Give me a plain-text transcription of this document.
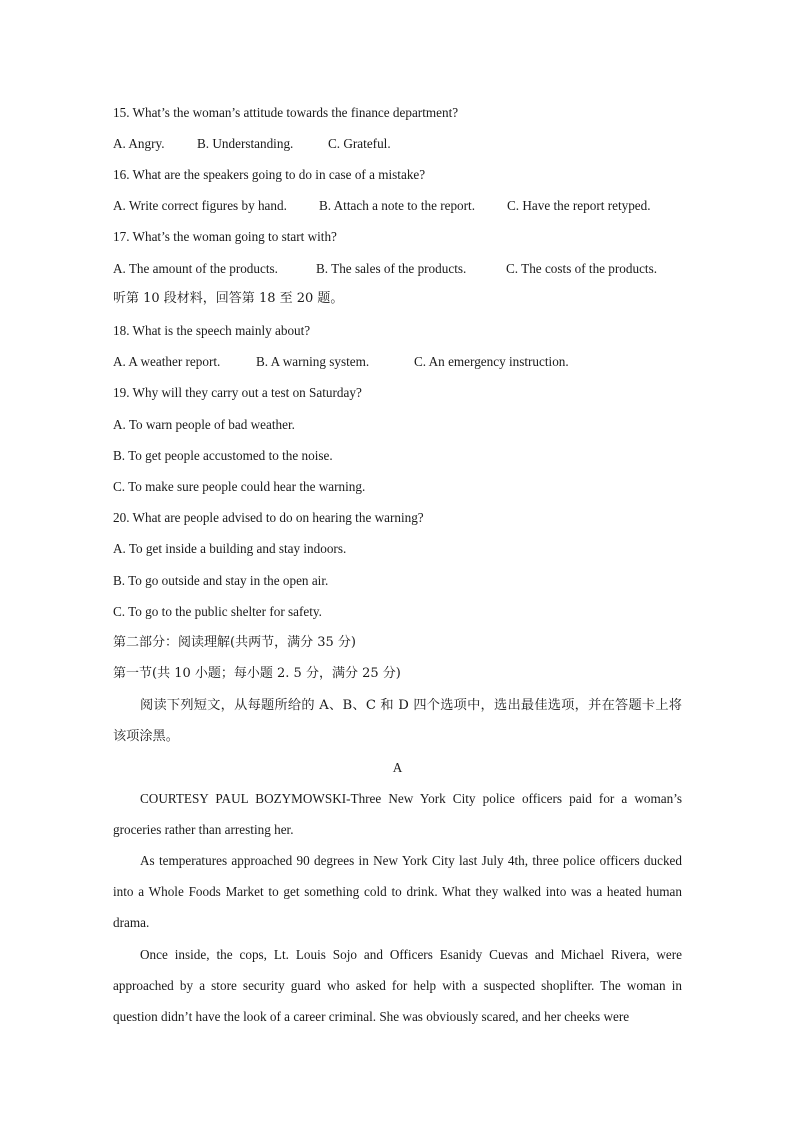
15. What’s the woman’s attitude towards the finance department?
A. Angry. B. Understanding.	C. Grateful.
16. What are the speakers going to do in case of a mistake?
A. Write correct figures by hand. B. Attach a note to the report. C. Have the report retyped.
17. What’s the woman going to start with?
A. The amount of the products.	B. The sales of the products.	C. The costs of the products.
听第 10 段材料，回答第 18 至 20 题。
18. What is the speech mainly about?
A. A weather report.	B. A warning system.	C. An emergency instruction.
19. Why will they carry out a test on Saturday?
A. To warn people of bad weather.
B. To get people accustomed to the noise.
C. To make sure people could hear the warning.
20. What are people advised to do on hearing the warning?
A. To get inside a building and stay indoors.
B. To go outside and stay in the open air.
C. To go to the public shelter for safety.
第二部分：阅读理解(共两节，满分 35 分)
第一节(共 10 小题；每小题 2. 5 分，满分 25 分)
阅读下列短文，从每题所给的 A、B、C 和 D 四个选项中，选出最佳选项，并在答题卡上将该项涂黑。
A
COURTESY PAUL BOZYMOWSKI-Three New York City police officers paid for a woman’s groceries rather than arresting her.
As temperatures approached 90 degrees in New York City last July 4th, three police officers ducked into a Whole Foods Market to get something cold to drink. What they walked into was a heated human drama.
Once inside, the cops, Lt. Louis Sojo and Officers Esanidy Cuevas and Michael Rivera, were approached by a store security guard who asked for help with a suspected shoplifter. The woman in question didn’t have the look of a career criminal. She was obviously scared, and her cheeks were
